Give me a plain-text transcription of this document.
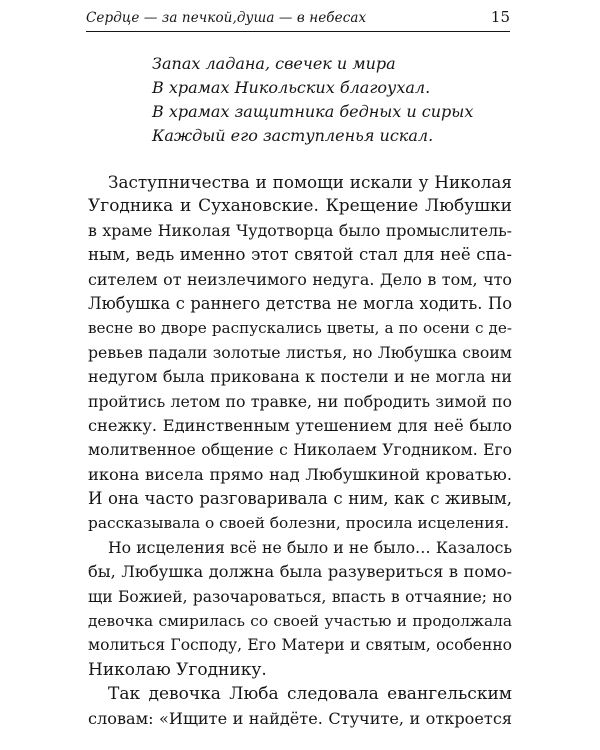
Сердце — за печкой,душа — в небесах	15
Запах ладана, свечек и мира
В храмах Никольских благоухал.
В храмах защитника бедных и сирых
Каждый его заступленья искал.
Заступничества и помощи искали у Николая
Угодника и Сухановские. Крещение Любушки
в храме Николая Чудотворца было промыслитель-
ным, ведь именно этот святой стал для неё спа-
сителем от неизлечимого недуга. Дело в том, что
Любушка с раннего детства не могла ходить. По
весне во дворе распускались цветы, а по осени с де-
ревьев падали золотые листья, но Любушка своим
недугом была прикована к постели и не могла ни
пройтись летом по травке, ни побродить зимой по
снежку. Единственным утешением для неё было
молитвенное общение с Николаем Угодником. Его
икона висела прямо над Любушкиной кроватью.
И она часто разговаривала с ним, как с живым,
рассказывала о своей болезни, просила исцеления.
Но исцеления всё не было и не было… Казалось
бы, Любушка должна была разувериться в помо-
щи Божией, разочароваться, впасть в отчаяние; но
девочка смирилась со своей участью и продолжала
молиться Господу, Его Матери и святым, особенно
Николаю Угоднику.
Так девочка Люба следовала евангельским
словам: «Ищите и найдёте. Стучите, и откроется
